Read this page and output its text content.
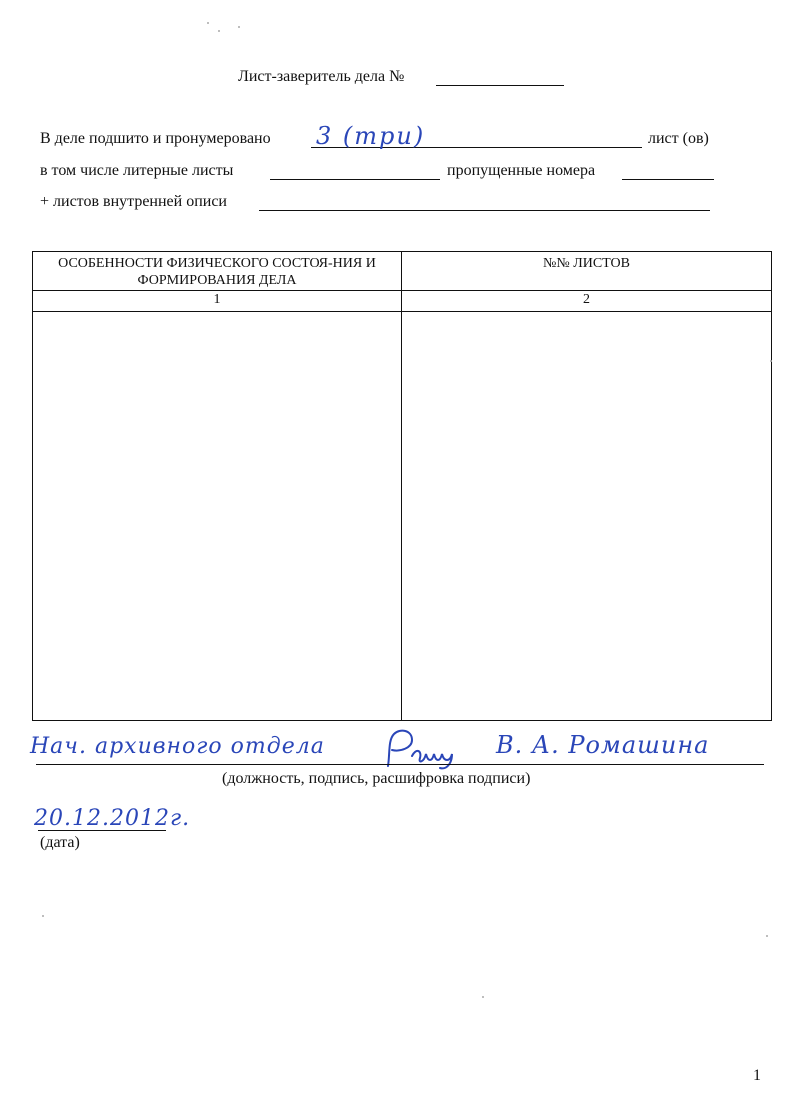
Лист-заверитель дела №
В деле подшито и пронумеровано 3 (три)	лист (ов)
в том числе литерные листы	пропущенные номера
+ листов внутренней описи
ОСОБЕННОСТИ ФИЗИЧЕСКОГО СОСТОЯ-НИЯ И ФОРМИРОВАНИЯ ДЕЛА	№№ ЛИСТОВ
1	2

Нач. архивного отдела	В. А. Ромашина
(должность, подпись, расшифровка подписи)
20.12.2012г.
(дата)
1
